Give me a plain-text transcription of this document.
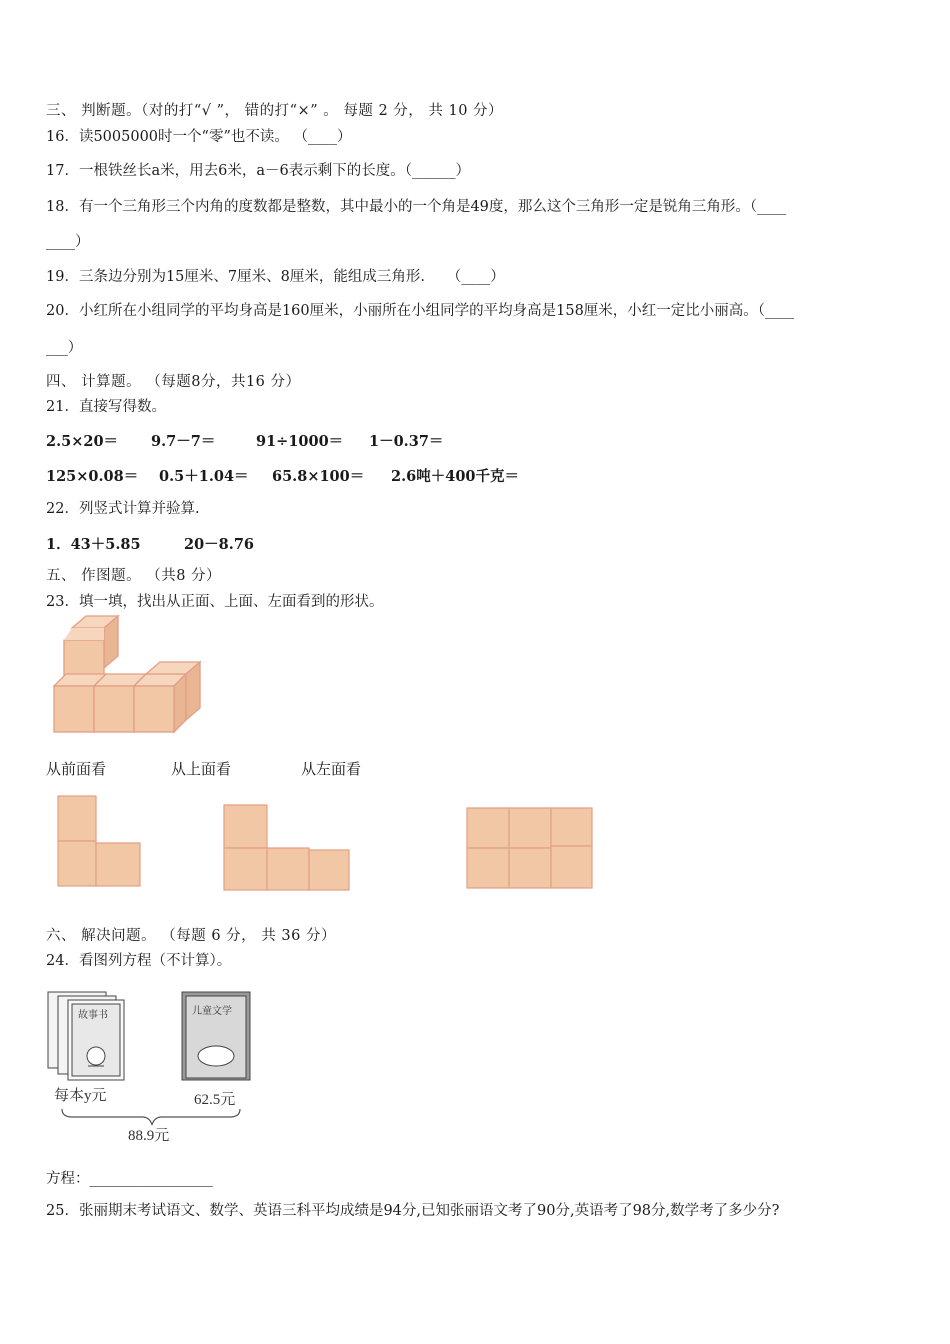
三、 判断题。（对的打“√ ”， 错的打“×” 。 每题 2 分， 共 10 分）
16．读5005000时一个“零”也不读。 （____）
17．一根铁丝长a米，用去6米，a－6表示剩下的长度。（______）
18．有一个三角形三个内角的度数都是整数，其中最小的一个角是49度，那么这个三角形一定是锐角三角形。（____
____）
19．三条边分别为15厘米、7厘米、8厘米，能组成三角形.　　（____）
20．小红所在小组同学的平均身高是160厘米，小丽所在小组同学的平均身高是158厘米，小红一定比小丽高。（____
___）
四、 计算题。 （每题8分，共16 分）
21．直接写得数。
2.5×20＝ 9.7－7＝	91÷1000＝ 1－0.37＝
125×0.08＝ 0.5＋1.04＝ 65.8×100＝ 2.6吨＋400千克＝
22．列竖式计算并验算.
1．43＋5.85	20－8.76
五、 作图题。 （共8 分）
23．填一填，找出从正面、上面、左面看到的形状。
从前面看	从上面看	从左面看
六、 解决问题。 （每题 6 分， 共 36 分）
24．看图列方程（不计算）。
故事书	儿童文学
每本y元	62.5元
88.9元
方程：_________________
25．张丽期末考试语文、数学、英语三科平均成绩是94分,已知张丽语文考了90分,英语考了98分,数学考了多少分?
